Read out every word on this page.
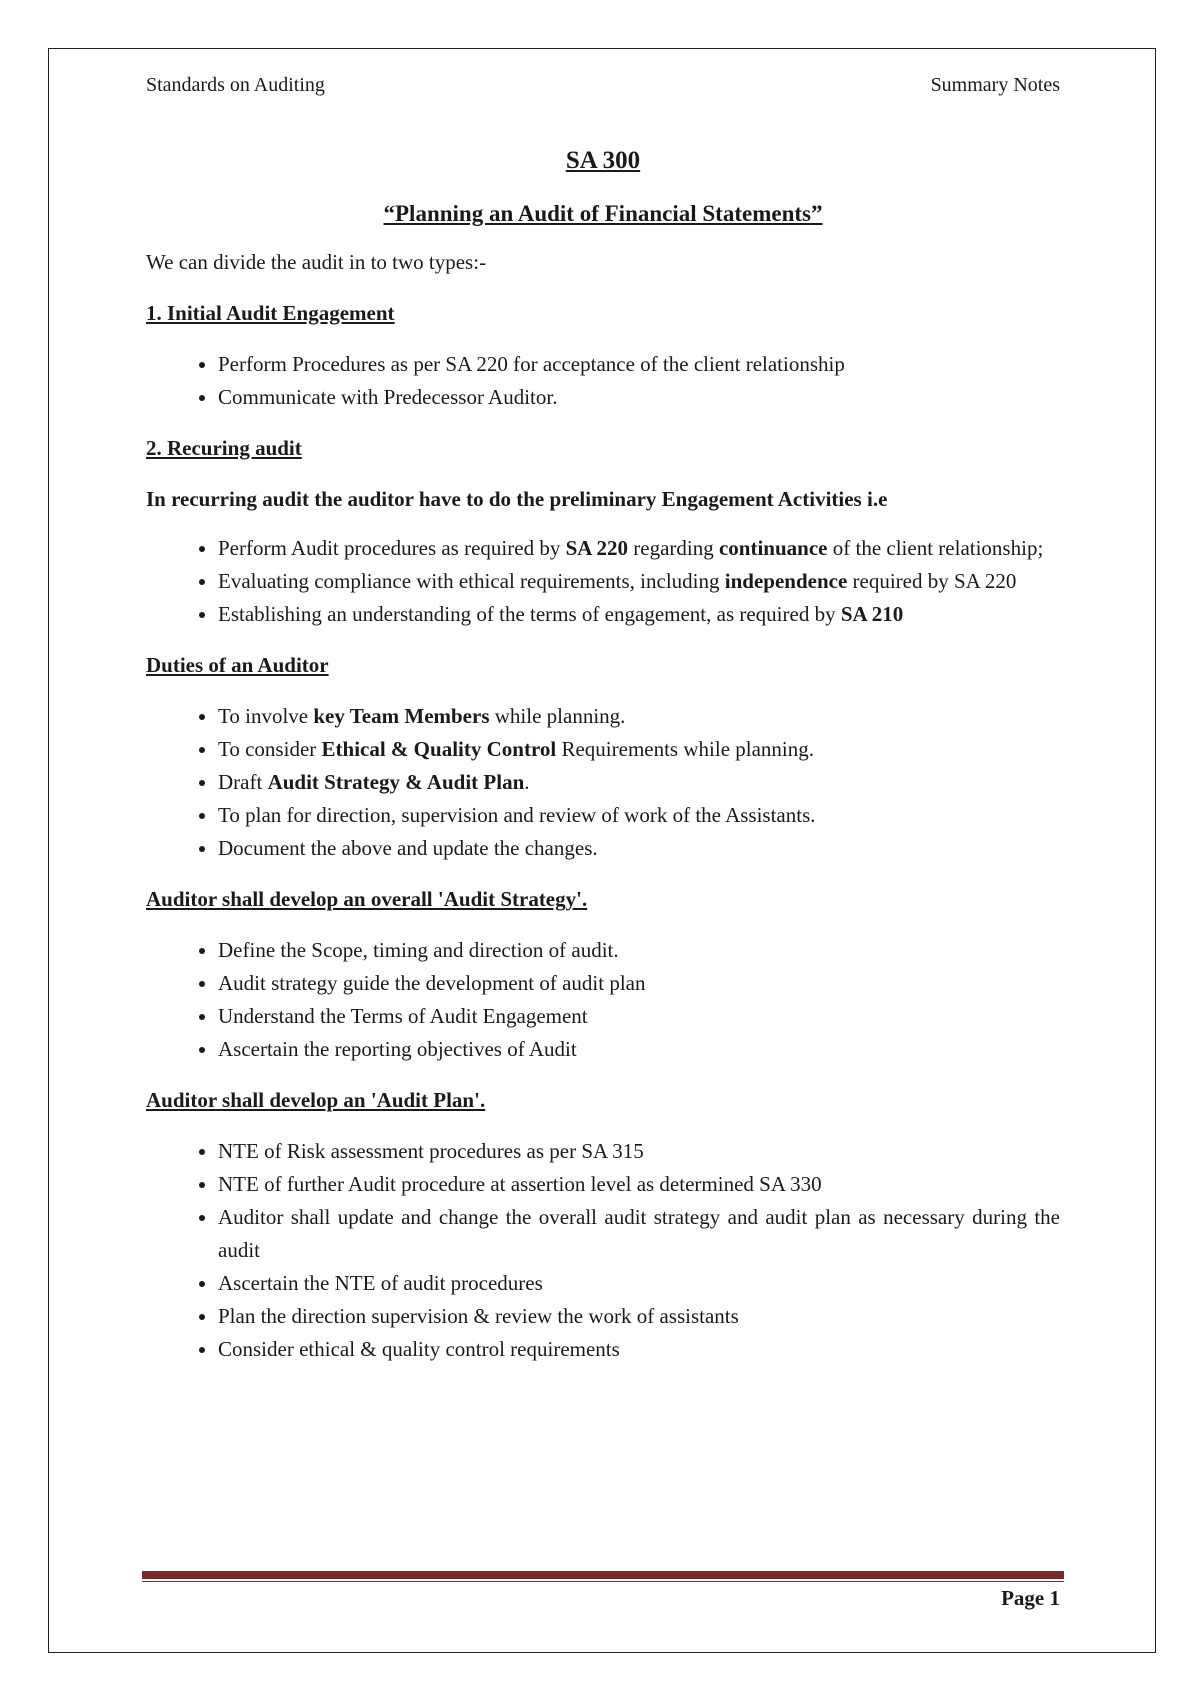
Standards on Auditing	Summary Notes
SA 300
“Planning an Audit of Financial Statements”
We can divide the audit in to two types:-
1. Initial Audit Engagement
• Perform Procedures as per SA 220 for acceptance of the client relationship
• Communicate with Predecessor Auditor.
2. Recuring audit
In recurring audit the auditor have to do the preliminary Engagement Activities i.e
• Perform Audit procedures as required by SA 220 regarding continuance of the client relationship;
• Evaluating compliance with ethical requirements, including independence required by SA 220
• Establishing an understanding of the terms of engagement, as required by SA 210
Duties of an Auditor
• To involve key Team Members while planning.
• To consider Ethical & Quality Control Requirements while planning.
• Draft Audit Strategy & Audit Plan.
• To plan for direction, supervision and review of work of the Assistants.
• Document the above and update the changes.
Auditor shall develop an overall 'Audit Strategy'.
• Define the Scope, timing and direction of audit.
• Audit strategy guide the development of audit plan
• Understand the Terms of Audit Engagement
• Ascertain the reporting objectives of Audit
Auditor shall develop an 'Audit Plan'.
• NTE of Risk assessment procedures as per SA 315
• NTE of further Audit procedure at assertion level as determined SA 330
• Auditor shall update and change the overall audit strategy and audit plan as necessary during the audit
• Ascertain the NTE of audit procedures
• Plan the direction supervision & review the work of assistants
• Consider ethical & quality control requirements
Page 1
